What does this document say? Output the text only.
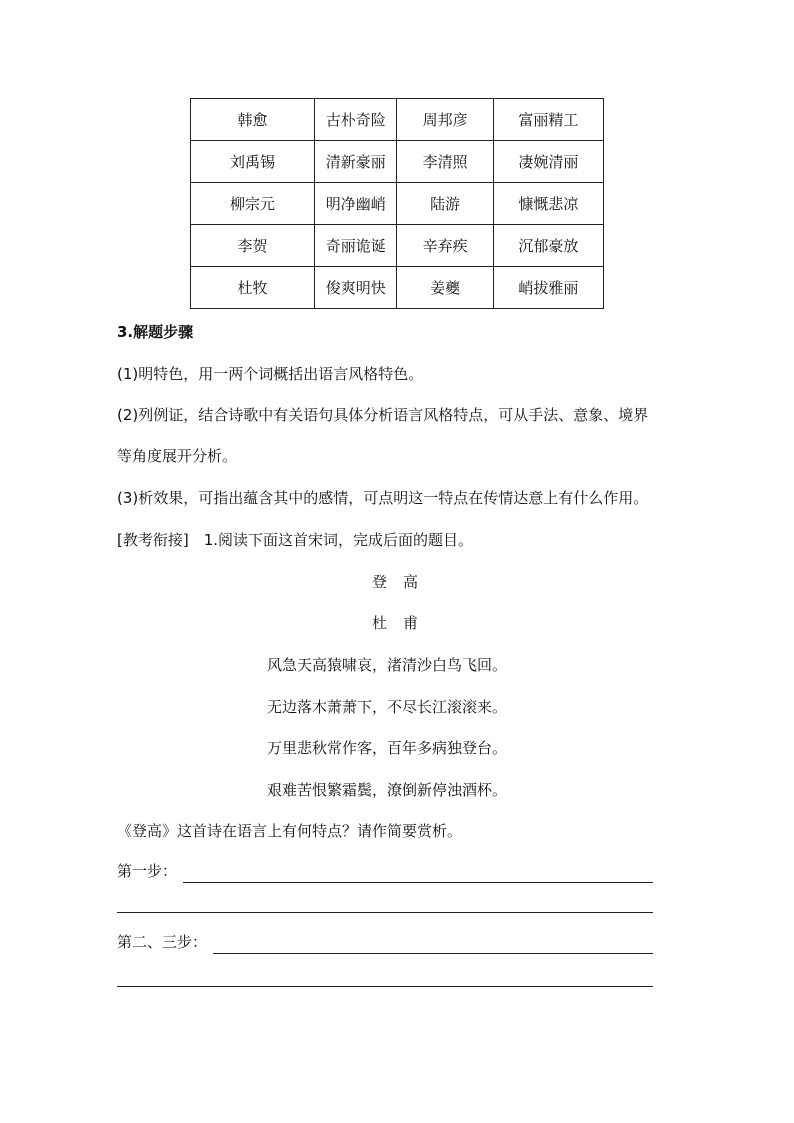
韩愈	古朴奇险	周邦彦	富丽精工
刘禹锡	清新豪丽	李清照	凄婉清丽
柳宗元	明净幽峭	陆游	慷慨悲凉
李贺	奇丽诡诞	辛弃疾	沉郁豪放
杜牧	俊爽明快	姜夔	峭拔雅丽
3.解题步骤
(1)明特色，用一两个词概括出语言风格特色。
(2)列例证，结合诗歌中有关语句具体分析语言风格特点，可从手法、意象、境界
等角度展开分析。
(3)析效果，可指出蕴含其中的感情，可点明这一特点在传情达意上有什么作用。
[教考衔接]　1.阅读下面这首宋词，完成后面的题目。
登高
杜甫
风急天高猿啸哀，渚清沙白鸟飞回。
无边落木萧萧下，不尽长江滚滚来。
万里悲秋常作客，百年多病独登台。
艰难苦恨繁霜鬓，潦倒新停浊酒杯。
《登高》这首诗在语言上有何特点？请作简要赏析。
第一步：
第二、三步：
